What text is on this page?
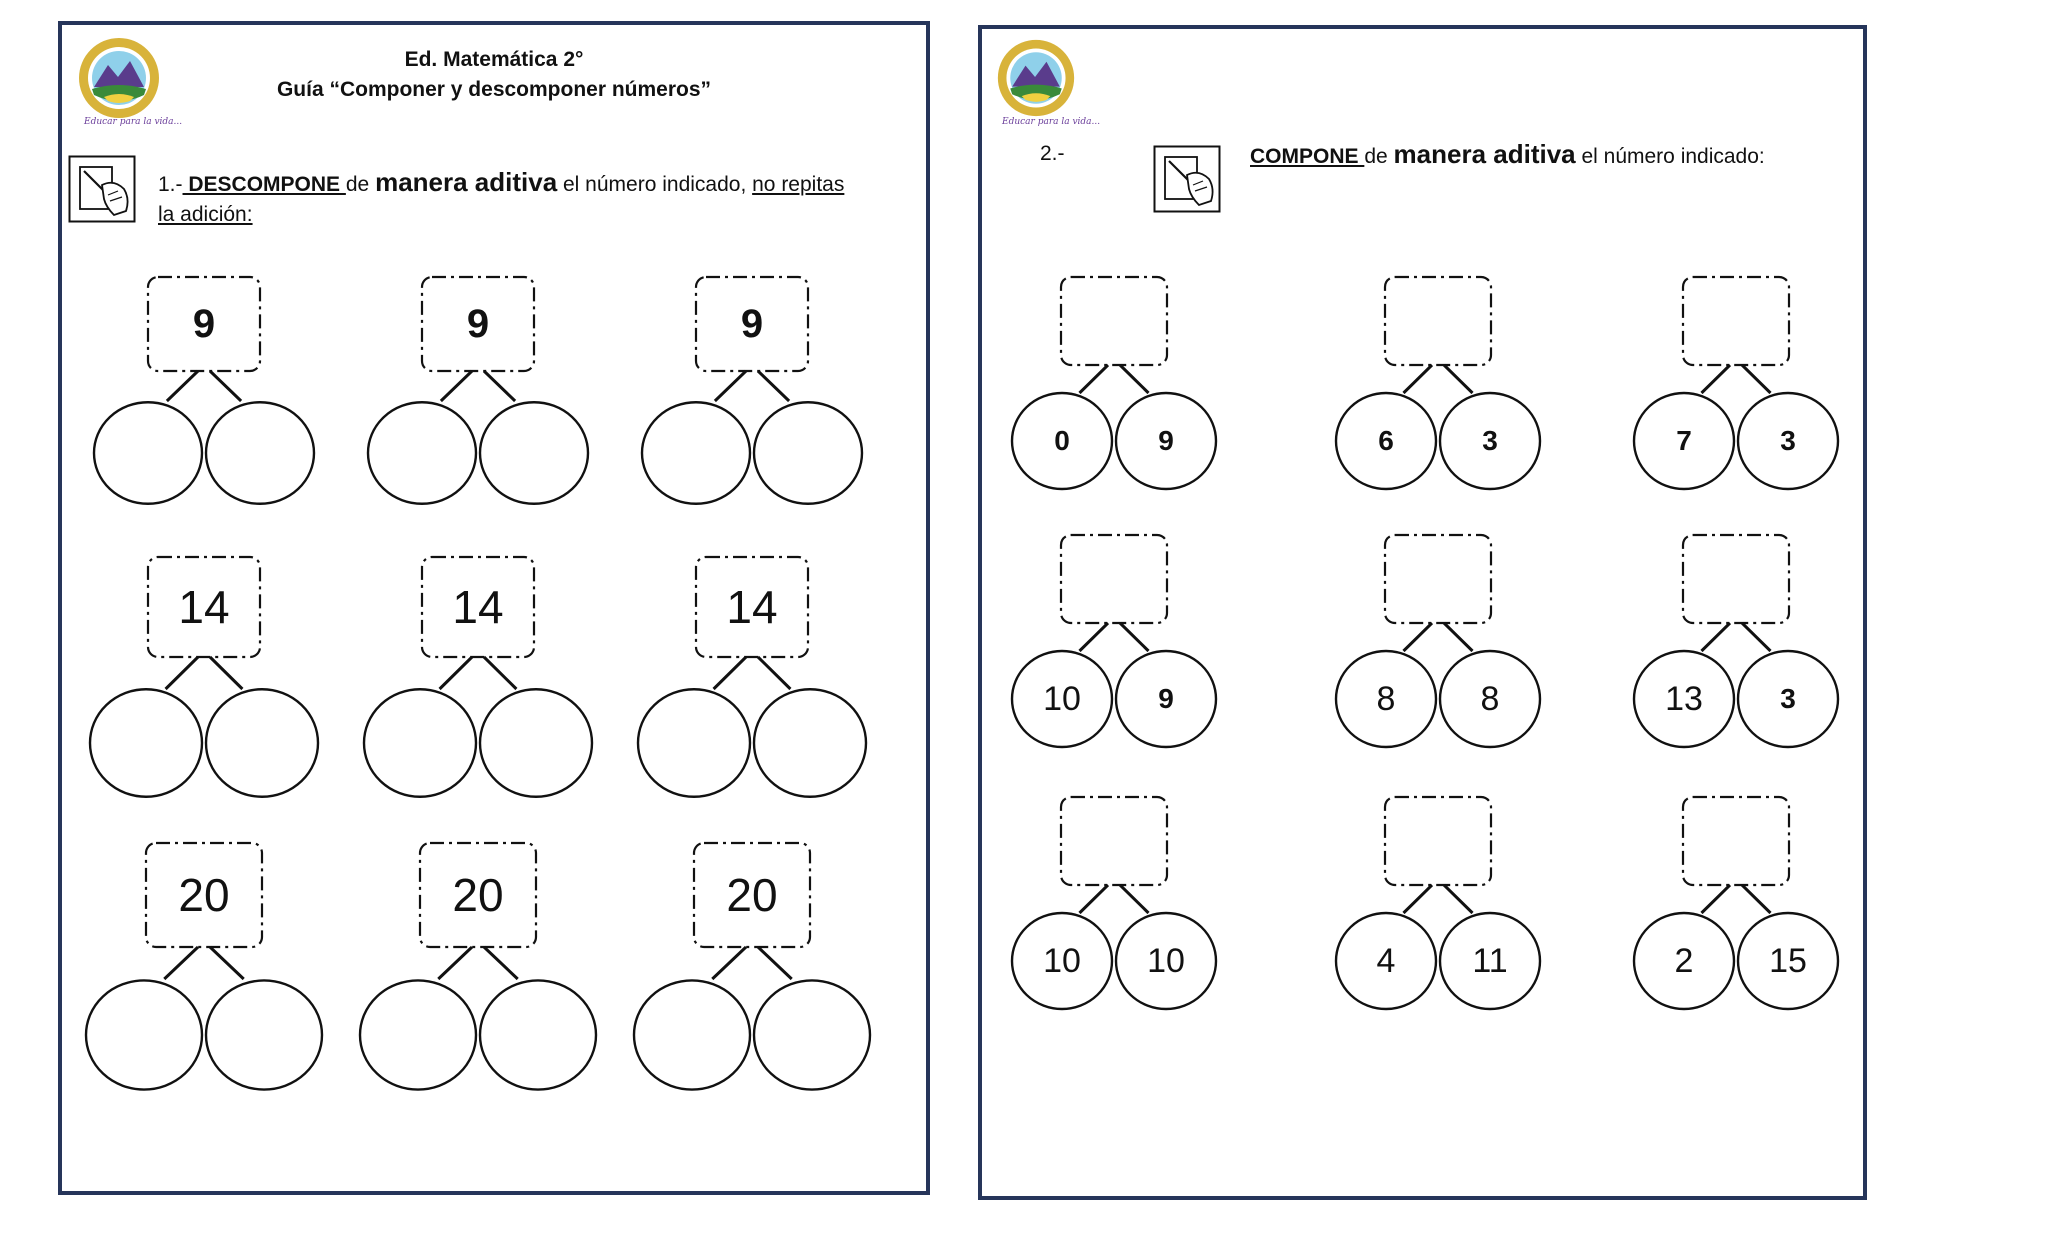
Educar para la vida...
Ed. Matemática 2°
Guía “Componer y descomponer números”
1.- DESCOMPONE de manera aditiva el número indicado, no repitas
la adición:
9	9	9
14	14	14
20	20	20
Educar para la vida...
2.-	COMPONE de manera aditiva el número indicado:
0	9	6	3	7	3
10	9	8	8	13	3
10	10	4	11	2	15
